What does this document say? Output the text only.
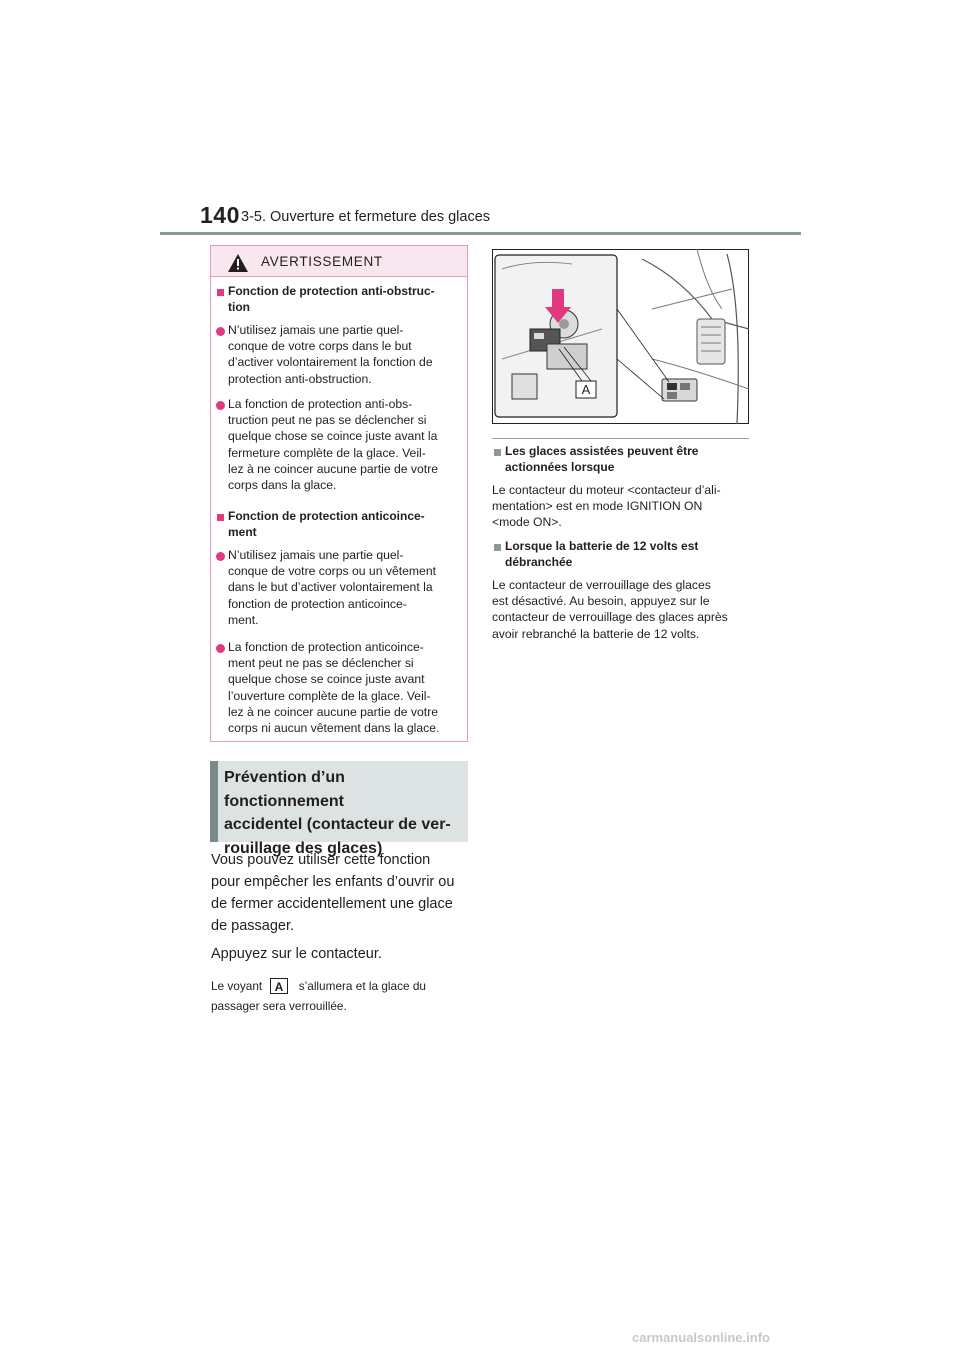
140 3-5. Ouverture et fermeture des glaces
AVERTISSEMENT
Fonction de protection anti-obstruc-
tion
N’utilisez jamais une partie quel-
conque de votre corps dans le but
d’activer volontairement la fonction de
protection anti-obstruction.
La fonction de protection anti-obs-
truction peut ne pas se déclencher si
quelque chose se coince juste avant la
fermeture complète de la glace. Veil-
lez à ne coincer aucune partie de votre
corps dans la glace.
Fonction de protection anticoince-
ment
N’utilisez jamais une partie quel-
conque de votre corps ou un vêtement
dans le but d’activer volontairement la
fonction de protection anticoince-
ment.
La fonction de protection anticoince-
ment peut ne pas se déclencher si
quelque chose se coince juste avant
l’ouverture complète de la glace. Veil-
lez à ne coincer aucune partie de votre
corps ni aucun vêtement dans la glace.
Prévention d’un fonctionnement
accidentel (contacteur de ver-
rouillage des glaces)
Vous pouvez utiliser cette fonction
pour empêcher les enfants d’ouvrir ou
de fermer accidentellement une glace
de passager.
Appuyez sur le contacteur.
Le voyant	s’allumera et la glace du
A
passager sera verrouillée.
A
Les glaces assistées peuvent être
actionnées lorsque
Le contacteur du moteur <contacteur d’ali-
mentation> est en mode IGNITION ON
<mode ON>.
Lorsque la batterie de 12 volts est
débranchée
Le contacteur de verrouillage des glaces
est désactivé. Au besoin, appuyez sur le
contacteur de verrouillage des glaces après
avoir rebranché la batterie de 12 volts.
carmanualsonline.info
